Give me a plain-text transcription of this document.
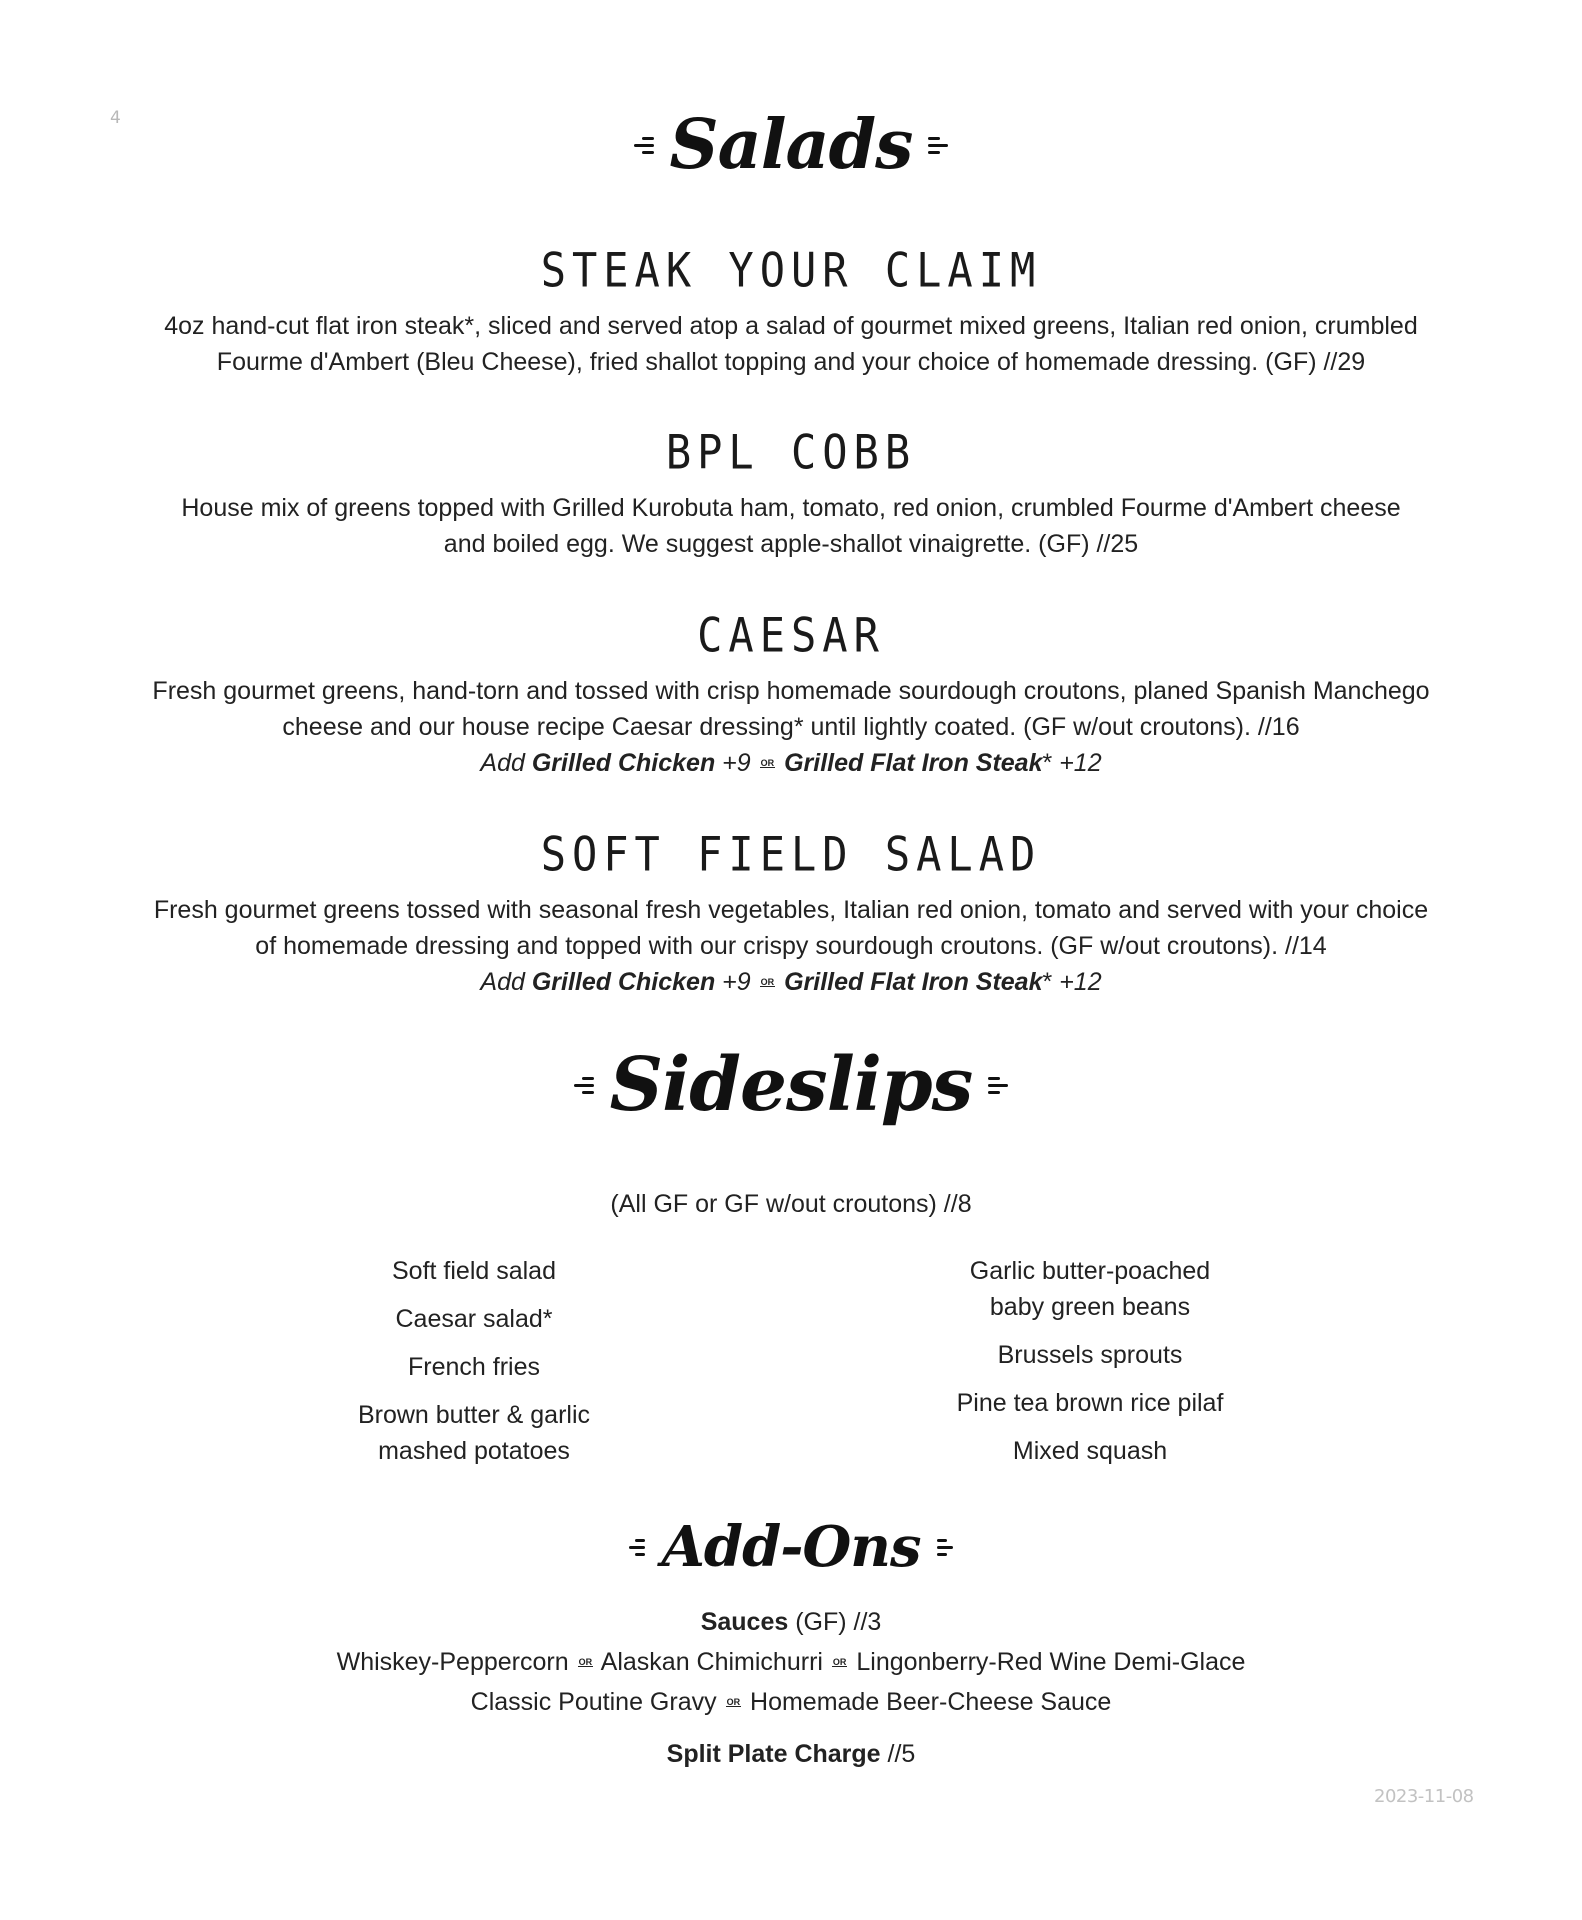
4	Salads
STEAK YOUR CLAIM

4oz hand-cut flat iron steak*, sliced and served atop a salad of gourmet mixed greens, Italian red onion, crumbled
Fourme d'Ambert (Bleu Cheese), fried shallot topping and your choice of homemade dressing. (GF) //29

BPL COBB

House mix of greens topped with Grilled Kurobuta ham, tomato, red onion, crumbled Fourme d'Ambert cheese
and boiled egg. We suggest apple-shallot vinaigrette. (GF) //25

CAESAR

Fresh gourmet greens, hand-torn and tossed with crisp homemade sourdough croutons, planed Spanish Manchego
cheese and our house recipe Caesar dressing* until lightly coated. (GF w/out croutons). //16
Add Grilled Chicken +9 OR Grilled Flat Iron Steak* +12

SOFT FIELD SALAD

Fresh gourmet greens tossed with seasonal fresh vegetables, Italian red onion, tomato and served with your choice
of homemade dressing and topped with our crispy sourdough croutons. (GF w/out croutons). //14
Add Grilled Chicken +9 OR Grilled Flat Iron Steak* +12

Sideslips
(All GF or GF w/out croutons) //8
Soft field salad
Caesar salad*
French fries
Brown butter & garlic
mashed potatoes
Garlic butter-poached
baby green beans
Brussels sprouts
Pine tea brown rice pilaf
Mixed squash
Add-Ons
Sauces (GF) //3
Whiskey-Peppercorn OR Alaskan Chimichurri OR Lingonberry-Red Wine Demi-Glace
Classic Poutine Gravy OR Homemade Beer-Cheese Sauce
Split Plate Charge //5
2023-11-08
